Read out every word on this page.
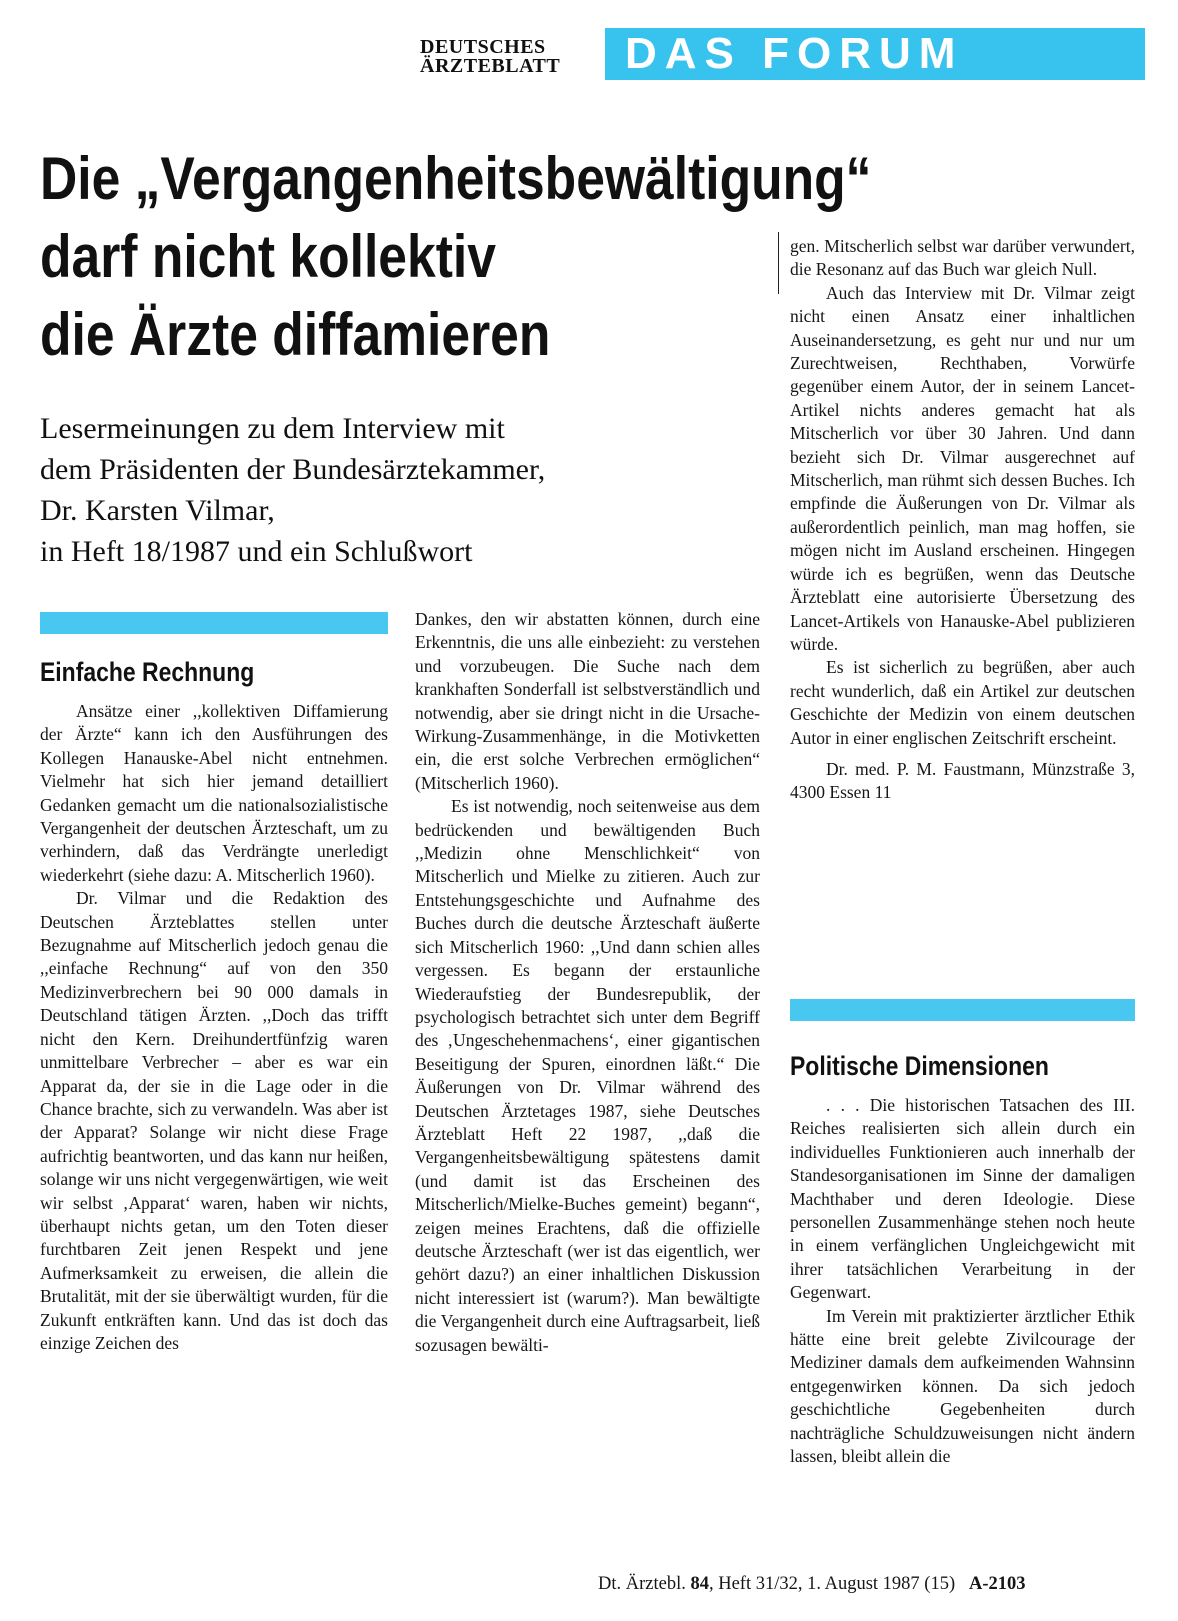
DEUTSCHES
ÄRZTEBLATT	DAS FORUM
Die „Vergangenheitsbewältigung“
darf nicht kollektiv
die Ärzte diffamieren
Lesermeinungen zu dem Interview mit
dem Präsidenten der Bundesärztekammer,
Dr. Karsten Vilmar,
in Heft 18/1987 und ein Schlußwort
Einfache Rechnung

Ansätze einer ,,kollektiven Diffamierung der Ärzte“ kann ich den Ausführungen des Kollegen Hanauske-Abel nicht entnehmen. Vielmehr hat sich hier jemand detailliert Gedanken gemacht um die nationalsozialistische Vergangenheit der deutschen Ärzteschaft, um zu verhindern, daß das Verdrängte unerledigt wiederkehrt (siehe dazu: A. Mitscherlich 1960).

Dr. Vilmar und die Redaktion des Deutschen Ärzteblattes stellen unter Bezugnahme auf Mitscherlich jedoch genau die ,,einfache Rechnung“ auf von den 350 Medizinverbrechern bei 90 000 damals in Deutschland tätigen Ärzten. ,,Doch das trifft nicht den Kern. Dreihundertfünfzig waren unmittelbare Verbrecher – aber es war ein Apparat da, der sie in die Lage oder in die Chance brachte, sich zu verwandeln. Was aber ist der Apparat? Solange wir nicht diese Frage aufrichtig beantworten, und das kann nur heißen, solange wir uns nicht vergegenwärtigen, wie weit wir selbst ‚Apparat‘ waren, haben wir nichts, überhaupt nichts getan, um den Toten dieser furchtbaren Zeit jenen Respekt und jene Aufmerksamkeit zu erweisen, die allein die Brutalität, mit der sie überwältigt wurden, für die Zukunft entkräften kann. Und das ist doch das einzige Zeichen des

Dankes, den wir abstatten können, durch eine Erkenntnis, die uns alle einbezieht: zu verstehen und vorzubeugen. Die Suche nach dem krankhaften Sonderfall ist selbstverständlich und notwendig, aber sie dringt nicht in die Ursache-Wirkung-Zusammenhänge, in die Motivketten ein, die erst solche Verbrechen ermöglichen“ (Mitscherlich 1960).

Es ist notwendig, noch seitenweise aus dem bedrückenden und bewältigenden Buch ,,Medizin ohne Menschlichkeit“ von Mitscherlich und Mielke zu zitieren. Auch zur Entstehungsgeschichte und Aufnahme des Buches durch die deutsche Ärzteschaft äußerte sich Mitscherlich 1960: ,,Und dann schien alles vergessen. Es begann der erstaunliche Wiederaufstieg der Bundesrepublik, der psychologisch betrachtet sich unter dem Begriff des ‚Ungeschehenmachens‘, einer gigantischen Beseitigung der Spuren, einordnen läßt.“ Die Äußerungen von Dr. Vilmar während des Deutschen Ärztetages 1987, siehe Deutsches Ärzteblatt Heft 22 1987, ,,daß die Vergangenheitsbewältigung spätestens damit (und damit ist das Erscheinen des Mitscherlich/Mielke-Buches gemeint) begann“, zeigen meines Erachtens, daß die offizielle deutsche Ärzteschaft (wer ist das eigentlich, wer gehört dazu?) an einer inhaltlichen Diskussion nicht interessiert ist (warum?). Man bewältigte die Vergangenheit durch eine Auftragsarbeit, ließ sozusagen bewälti-

gen. Mitscherlich selbst war darüber verwundert, die Resonanz auf das Buch war gleich Null.

Auch das Interview mit Dr. Vilmar zeigt nicht einen Ansatz einer inhaltlichen Auseinandersetzung, es geht nur und nur um Zurechtweisen, Rechthaben, Vorwürfe gegenüber einem Autor, der in seinem Lancet-Artikel nichts anderes gemacht hat als Mitscherlich vor über 30 Jahren. Und dann bezieht sich Dr. Vilmar ausgerechnet auf Mitscherlich, man rühmt sich dessen Buches. Ich empfinde die Äußerungen von Dr. Vilmar als außerordentlich peinlich, man mag hoffen, sie mögen nicht im Ausland erscheinen. Hingegen würde ich es begrüßen, wenn das Deutsche Ärzteblatt eine autorisierte Übersetzung des Lancet-Artikels von Hanauske-Abel publizieren würde.

Es ist sicherlich zu begrüßen, aber auch recht wunderlich, daß ein Artikel zur deutschen Geschichte der Medizin von einem deutschen Autor in einer englischen Zeitschrift erscheint.

Dr. med. P. M. Faustmann, Münzstraße 3, 4300 Essen 11

Politische Dimensionen

. . . Die historischen Tatsachen des III. Reiches realisierten sich allein durch ein individuelles Funktionieren auch innerhalb der Standesorganisationen im Sinne der damaligen Machthaber und deren Ideologie. Diese personellen Zusammenhänge stehen noch heute in einem verfänglichen Ungleichgewicht mit ihrer tatsächlichen Verarbeitung in der Gegenwart.

Im Verein mit praktizierter ärztlicher Ethik hätte eine breit gelebte Zivilcourage der Mediziner damals dem aufkeimenden Wahnsinn entgegenwirken können. Da sich jedoch geschichtliche Gegebenheiten durch nachträgliche Schuldzuweisungen nicht ändern lassen, bleibt allein die

Dt. Ärztebl. 84, Heft 31/32, 1. August 1987 (15) A-2103
